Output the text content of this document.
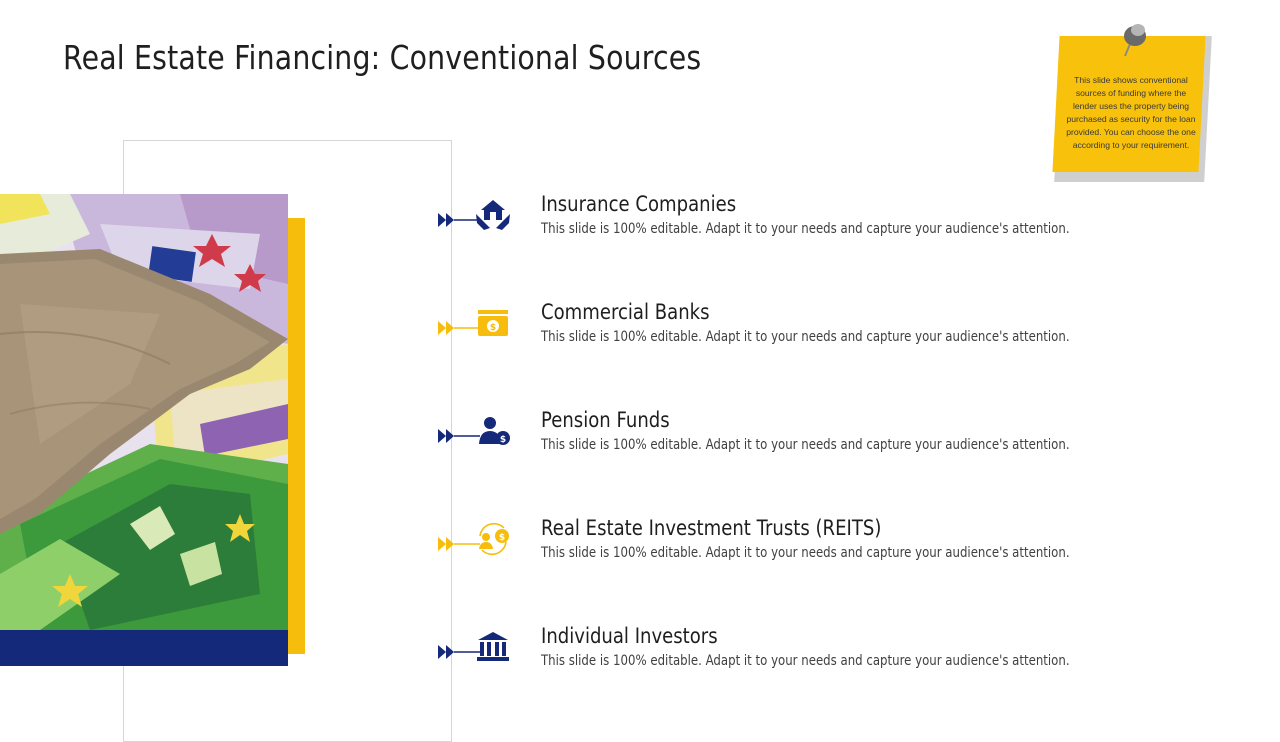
Real Estate Financing: Conventional Sources
This slide shows conventional sources of funding where the lender uses the property being purchased as security for the loan provided. You can choose the one according to your requirement.
Insurance Companies
This slide is 100% editable. Adapt it to your needs and capture your audience's attention.
$
Commercial Banks
This slide is 100% editable. Adapt it to your needs and capture your audience's attention.
$
Pension Funds
This slide is 100% editable. Adapt it to your needs and capture your audience's attention.
$ Real Estate Investment Trusts (REITS)
This slide is 100% editable. Adapt it to your needs and capture your audience's attention.
Individual Investors
This slide is 100% editable. Adapt it to your needs and capture your audience's attention.
